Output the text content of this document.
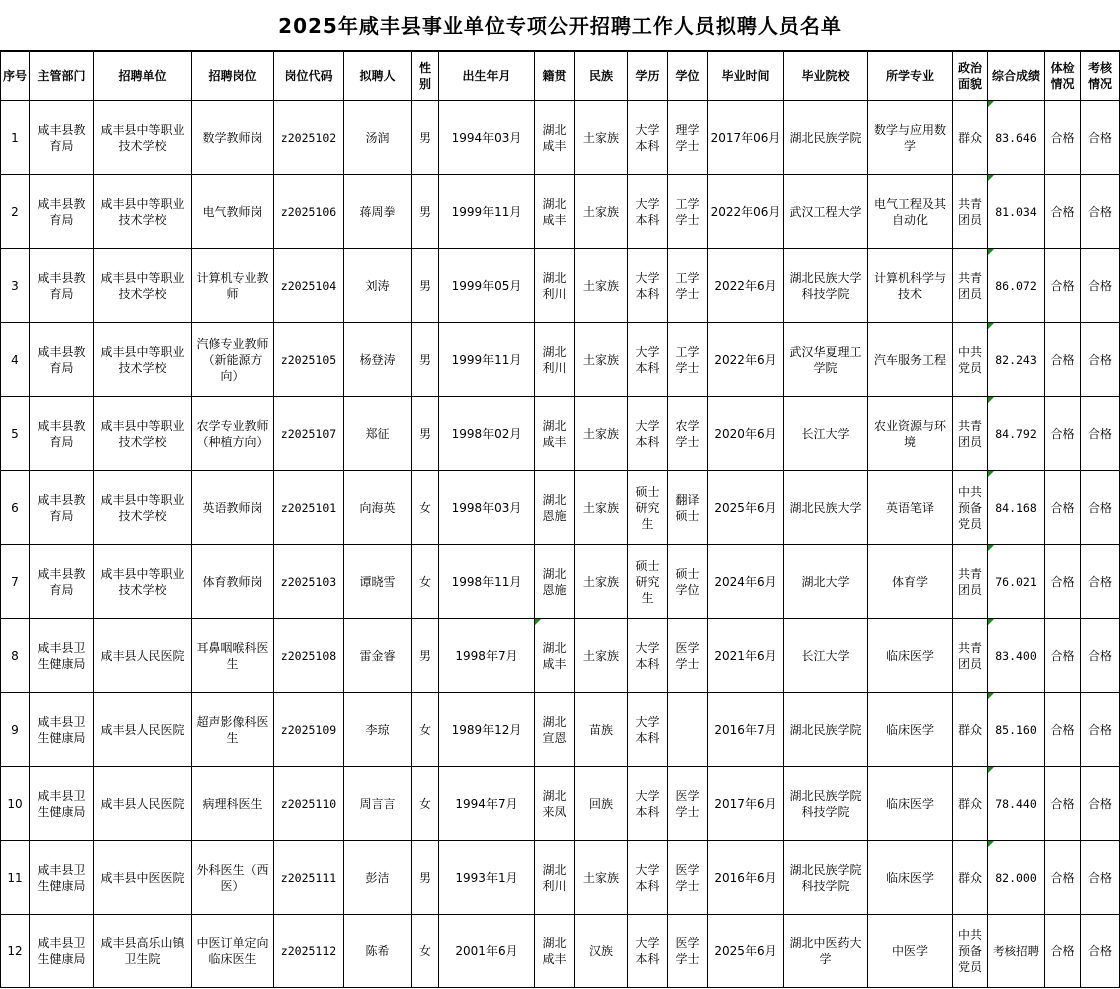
2025年咸丰县事业单位专项公开招聘工作人员拟聘人员名单
序号	主管部门	招聘单位	招聘岗位	岗位代码	拟聘人	性别	出生年月	籍贯	民族	学历	学位	毕业时间	毕业院校	所学专业	政治面貌	综合成绩	体检情况	考核情况
1	咸丰县教育局	咸丰县中等职业技术学校	数学教师岗	z2025102	汤润	男	1994年03月	湖北咸丰	土家族	大学本科	理学学士	2017年06月	湖北民族学院	数学与应用数学	群众	83.646	合格	合格
2	咸丰县教育局	咸丰县中等职业技术学校	电气教师岗	z2025106	蒋周拳	男	1999年11月	湖北咸丰	土家族	大学本科	工学学士	2022年06月	武汉工程大学	电气工程及其自动化	共青团员	81.034	合格	合格
3	咸丰县教育局	咸丰县中等职业技术学校	计算机专业教师	z2025104	刘涛	男	1999年05月	湖北利川	土家族	大学本科	工学学士	2022年6月	湖北民族大学科技学院	计算机科学与技术	共青团员	86.072	合格	合格
4	咸丰县教育局	咸丰县中等职业技术学校	汽修专业教师（新能源方向）	z2025105	杨登涛	男	1999年11月	湖北利川	土家族	大学本科	工学学士	2022年6月	武汉华夏理工学院	汽车服务工程	中共党员	82.243	合格	合格
5	咸丰县教育局	咸丰县中等职业技术学校	农学专业教师（种植方向）	z2025107	郑征	男	1998年02月	湖北咸丰	土家族	大学本科	农学学士	2020年6月	长江大学	农业资源与环境	共青团员	84.792	合格	合格
6	咸丰县教育局	咸丰县中等职业技术学校	英语教师岗	z2025101	向海英	女	1998年03月	湖北恩施	土家族	硕士研究生	翻译硕士	2025年6月	湖北民族大学	英语笔译	中共预备党员	84.168	合格	合格
7	咸丰县教育局	咸丰县中等职业技术学校	体育教师岗	z2025103	谭晓雪	女	1998年11月	湖北恩施	土家族	硕士研究生	硕士学位	2024年6月	湖北大学	体育学	共青团员	76.021	合格	合格
8	咸丰县卫生健康局	咸丰县人民医院	耳鼻咽喉科医生	z2025108	雷金睿	男	1998年7月	湖北咸丰	土家族	大学本科	医学学士	2021年6月	长江大学	临床医学	共青团员	83.400	合格	合格
9	咸丰县卫生健康局	咸丰县人民医院	超声影像科医生	z2025109	李琼	女	1989年12月	湖北宣恩	苗族	大学本科		2016年7月	湖北民族学院	临床医学	群众	85.160	合格	合格
10	咸丰县卫生健康局	咸丰县人民医院	病理科医生	z2025110	周言言	女	1994年7月	湖北来凤	回族	大学本科	医学学士	2017年6月	湖北民族学院科技学院	临床医学	群众	78.440	合格	合格
11	咸丰县卫生健康局	咸丰县中医医院	外科医生（西医）	z2025111	彭洁	男	1993年1月	湖北利川	土家族	大学本科	医学学士	2016年6月	湖北民族学院科技学院	临床医学	群众	82.000	合格	合格
12	咸丰县卫生健康局	咸丰县高乐山镇卫生院	中医订单定向临床医生	z2025112	陈希	女	2001年6月	湖北咸丰	汉族	大学本科	医学学士	2025年6月	湖北中医药大学	中医学	中共预备党员	考核招聘	合格	合格
